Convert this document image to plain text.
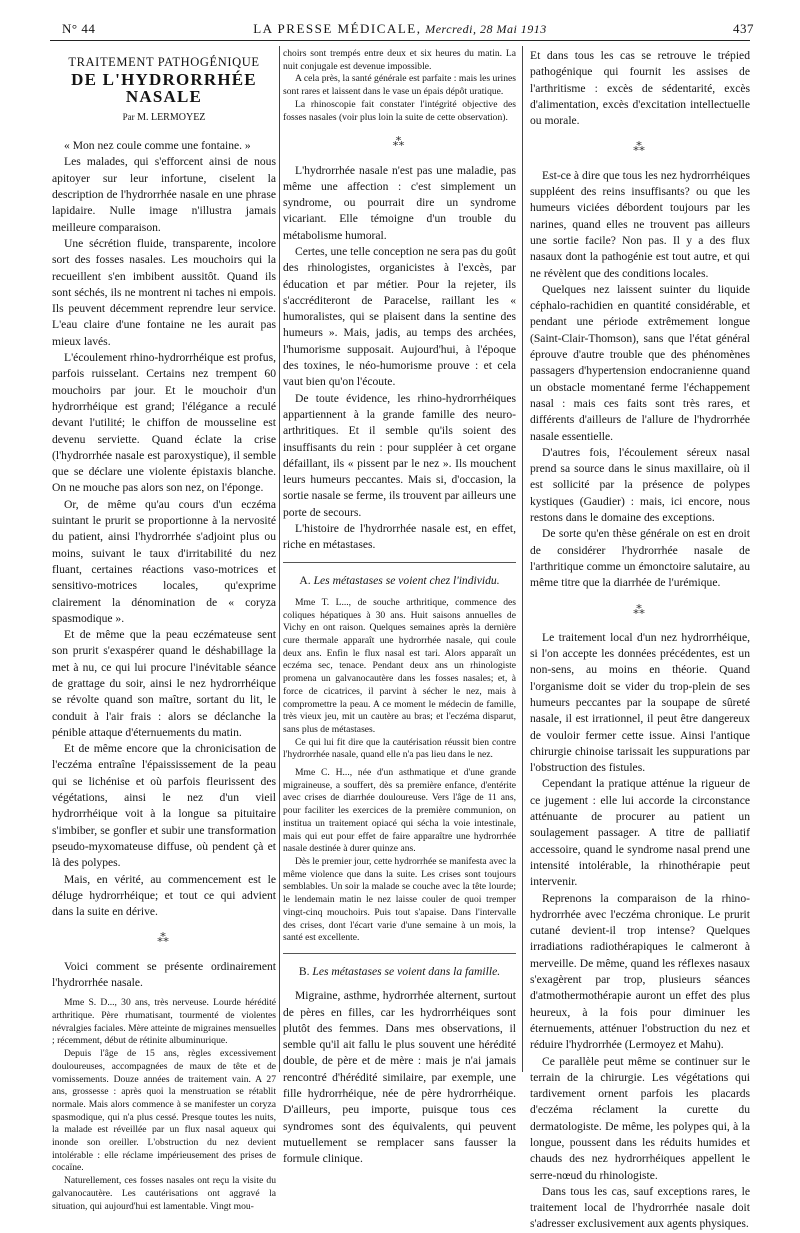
N° 44	LA PRESSE MÉDICALE, Mercredi, 28 Mai 1913	437
TRAITEMENT PATHOGÉNIQUE
DE L'HYDRORRHÉE NASALE
Par M. LERMOYEZ

« Mon nez coule comme une fontaine. »

Les malades, qui s'efforcent ainsi de nous apitoyer sur leur infortune, ciselent la description de l'hydrorrhée nasale en une phrase lapidaire. Nulle image n'illustra jamais meilleure comparaison.

Une sécrétion fluide, transparente, incolore sort des fosses nasales. Les mouchoirs qui la recueillent s'en imbibent aussitôt. Quand ils sont séchés, ils ne montrent ni taches ni empois. Ils peuvent décemment reprendre leur service. L'eau claire d'une fontaine ne les aurait pas mieux lavés.

L'écoulement rhino-hydrorrhéique est profus, parfois ruisselant. Certains nez trempent 60 mouchoirs par jour. Et le mouchoir d'un hydrorrhéique est grand; l'élégance a reculé devant l'utilité; le chiffon de mousseline est devenu serviette. Quand éclate la crise (l'hydrorrhée nasale est paroxystique), il semble que se déclare une violente épistaxis blanche. On ne mouche pas alors son nez, on l'éponge.

Or, de même qu'au cours d'un eczéma suintant le prurit se proportionne à la nervosité du patient, ainsi l'hydrorrhée s'adjoint plus ou moins, suivant le taux d'irritabilité du nez fluant, certaines réactions vaso-motrices et sensitivo-motrices locales, qu'exprime clairement la dénomination de « coryza spasmodique ».

Et de même que la peau eczémateuse sent son prurit s'exaspérer quand le déshabillage la met à nu, ce qui lui procure l'inévitable séance de grattage du soir, ainsi le nez hydrorrhéique se révolte quand son maître, sortant du lit, le conduit à l'air frais : alors se déclanche la pénible attaque d'éternuements du matin.

Et de même encore que la chronicisation de l'eczéma entraîne l'épaississement de la peau qui se lichénise et où parfois fleurissent des végétations, ainsi le nez d'un vieil hydrorrhéique voit à la longue sa pituitaire s'imbiber, se gonfler et subir une transformation pseudo-myxomateuse diffuse, où pendent çà et là des polypes.

Mais, en vérité, au commencement est le déluge hydrorrhéique; et tout ce qui advient dans la suite en dérive.

⁂

Voici comment se présente ordinairement l'hydrorrhée nasale.

Mme S. D..., 30 ans, très nerveuse. Lourde hérédité arthritique. Père rhumatisant, tourmenté de violentes névralgies faciales. Mère atteinte de migraines mensuelles ; récemment, début de rétinite albuminurique.

Depuis l'âge de 15 ans, règles excessivement douloureuses, accompagnées de maux de tête et de vomissements. Douze années de traitement vain. A 27 ans, grossesse : après quoi la menstruation se rétablit normale. Mais alors commence à se manifester un coryza spasmodique, qui n'a plus cessé. Presque toutes les nuits, la malade est réveillée par un flux nasal aqueux qui inonde son oreiller. L'obstruction du nez devient intolérable : elle réclame impérieusement des prises de cocaïne.

Naturellement, ces fosses nasales ont reçu la visite du galvanocautère. Les cautérisations ont aggravé la situation, qui aujourd'hui est lamentable. Vingt mou-

choirs sont trempés entre deux et six heures du matin. La nuit conjugale est devenue impossible.

A cela près, la santé générale est parfaite : mais les urines sont rares et laissent dans le vase un épais dépôt uratique.

La rhinoscopie fait constater l'intégrité objective des fosses nasales (voir plus loin la suite de cette observation).

⁂

L'hydrorrhée nasale n'est pas une maladie, pas même une affection : c'est simplement un syndrome, ou pourrait dire un syndrome vicariant. Elle témoigne d'un trouble du métabolisme humoral.

Certes, une telle conception ne sera pas du goût des rhinologistes, organicistes à l'excès, par éducation et par métier. Pour la rejeter, ils s'accréditeront de Paracelse, raillant les « humoralistes, qui se plaisent dans la sentine des humeurs ». Mais, jadis, au temps des archées, l'humorisme supposait. Aujourd'hui, à l'époque des toxines, le néo-humorisme prouve : et cela vaut bien qu'on l'écoute.

De toute évidence, les rhino-hydrorrhéiques appartiennent à la grande famille des neuro-arthritiques. Et il semble qu'ils soient des insuffisants du rein : pour suppléer à cet organe défaillant, ils « pissent par le nez ». Ils mouchent leurs humeurs peccantes. Mais si, d'occasion, la sortie nasale se ferme, ils trouvent par ailleurs une porte de secours.

L'histoire de l'hydrorrhée nasale est, en effet, riche en métastases.

A. Les métastases se voient chez l'individu.

Mme T. L..., de souche arthritique, commence des coliques hépatiques à 30 ans. Huit saisons annuelles de Vichy en ont raison. Quelques semaines après la dernière cure thermale apparaît une hydrorrhée nasale, qui coule deux ans. Enfin le flux nasal est tari. Alors apparaît un eczéma sec, tenace. Pendant deux ans un rhinologiste promena un galvanocautère dans les fosses nasales; et, à force de cicatrices, il parvint à sécher le nez, mais à compromettre la peau. A ce moment le médecin de famille, très vieux jeu, mit un cautère au bras; et l'eczéma disparut, sans plus de métastases.

Ce qui lui fit dire que la cautérisation réussit bien contre l'hydrorrhée nasale, quand elle n'a pas lieu dans le nez.

Mme C. H..., née d'un asthmatique et d'une grande migraineuse, a souffert, dès sa première enfance, d'entérite avec crises de diarrhée douloureuse. Vers l'âge de 11 ans, pour faciliter les exercices de la première communion, on institua un traitement opiacé qui sécha la voie intestinale, mais qui eut pour effet de faire apparaître une hydrorrhée nasale destinée à durer quinze ans.

Dès le premier jour, cette hydrorrhée se manifesta avec la même violence que dans la suite. Les crises sont toujours semblables. Un soir la malade se couche avec la tête lourde; le lendemain matin le nez laisse couler de quoi tremper vingt-cinq mouchoirs. Puis tout s'apaise. Dans l'intervalle des crises, dont l'écart varie d'une semaine à un mois, la santé est excellente.

B. Les métastases se voient dans la famille.

Migraine, asthme, hydrorrhée alternent, surtout de pères en filles, car les hydrorrhéiques sont plutôt des femmes. Dans mes observations, il semble qu'il ait fallu le plus souvent une hérédité double, de père et de mère : mais je n'ai jamais rencontré d'hérédité similaire, par exemple, une fille hydrorrhéique, née de père hydrorrhéique. D'ailleurs, peu importe, puisque tous ces syndromes sont des équivalents, qui peuvent mutuellement se remplacer sans fausser la formule clinique.

Et dans tous les cas se retrouve le trépied pathogénique qui fournit les assises de l'arthritisme : excès de sédentarité, excès d'alimentation, excès d'excitation intellectuelle ou morale.

⁂

Est-ce à dire que tous les nez hydrorrhéiques suppléent des reins insuffisants? ou que les humeurs viciées débordent toujours par les narines, quand elles ne trouvent pas ailleurs une sortie facile? Non pas. Il y a des flux nasaux dont la pathogénie est tout autre, et qui ne révèlent que des conditions locales.

Quelques nez laissent suinter du liquide céphalo-rachidien en quantité considérable, et pendant une période extrêmement longue (Saint-Clair-Thomson), sans que l'état général éprouve d'autre trouble que des phénomènes passagers d'hypertension endocranienne quand un obstacle momentané ferme l'échappement nasal : mais ces faits sont très rares, et différents d'ailleurs de l'allure de l'hydrorrhée nasale essentielle.

D'autres fois, l'écoulement séreux nasal prend sa source dans le sinus maxillaire, où il est sollicité par la présence de polypes kystiques (Gaudier) : mais, ici encore, nous restons dans le domaine des exceptions.

De sorte qu'en thèse générale on est en droit de considérer l'hydrorrhée nasale de l'arthritique comme un émonctoire salutaire, au même titre que la diarrhée de l'urémique.

⁂

Le traitement local d'un nez hydrorrhéique, si l'on accepte les données précédentes, est un non-sens, au moins en théorie. Quand l'organisme doit se vider du trop-plein de ses humeurs peccantes par la soupape de sûreté nasale, il est irrationnel, il peut être dangereux de vouloir fermer cette issue. Ainsi l'antique chirurgie chinoise tarissait les suppurations par l'obstruction des fistules.

Cependant la pratique atténue la rigueur de ce jugement : elle lui accorde la circonstance atténuante de procurer au patient un soulagement passager. A titre de palliatif accessoire, quand le syndrome nasal prend une intensité intolérable, la rhinothérapie peut intervenir.

Reprenons la comparaison de la rhino-hydrorrhée avec l'eczéma chronique. Le prurit cutané devient-il trop intense? Quelques irradiations radiothérapiques le calmeront à merveille. De même, quand les réflexes nasaux s'exagèrent par trop, plusieurs séances d'atmothermothérapie auront un effet des plus heureux, à la fois pour diminuer les éternuements, atténuer l'obstruction du nez et réduire l'hydrorrhée (Lermoyez et Mahu).

Ce parallèle peut même se continuer sur le terrain de la chirurgie. Les végétations qui tardivement ornent parfois les placards d'eczéma réclament la curette du dermatologiste. De même, les polypes qui, à la longue, poussent dans les réduits humides et chauds des nez hydrorrhéiques appellent le serre-nœud du rhinologiste.

Dans tous les cas, sauf exceptions rares, le traitement local de l'hydrorrhée nasale doit s'adresser exclusivement aux agents physiques.
